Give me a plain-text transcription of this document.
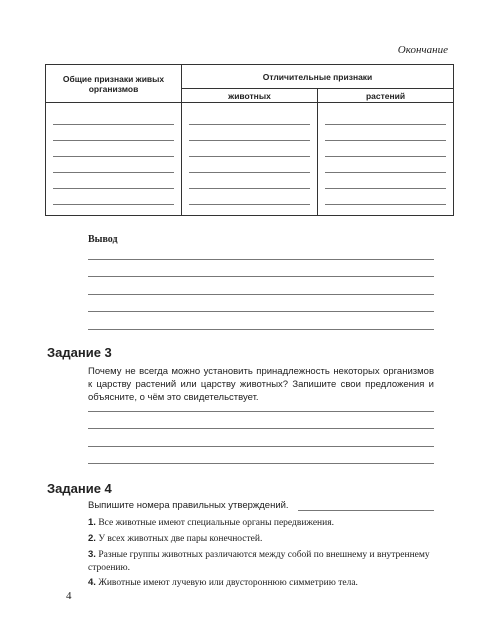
Окончание
Общие признаки живых организмов	Отличительные признаки	
	животных	растений

Вывод
Задание 3
Почему не всегда можно установить принадлежность некоторых организмов к царству растений или царству животных? Запишите свои предложения и объясните, о чём это свидетельствует.
Задание 4
Выпишите номера правильных утверждений.
1. Все животные имеют специальные органы передвижения.
2. У всех животных две пары конечностей.
3. Разные группы животных различаются между собой по внешнему и внутреннему строению.
4. Животные имеют лучевую или двустороннюю симметрию тела.
4
